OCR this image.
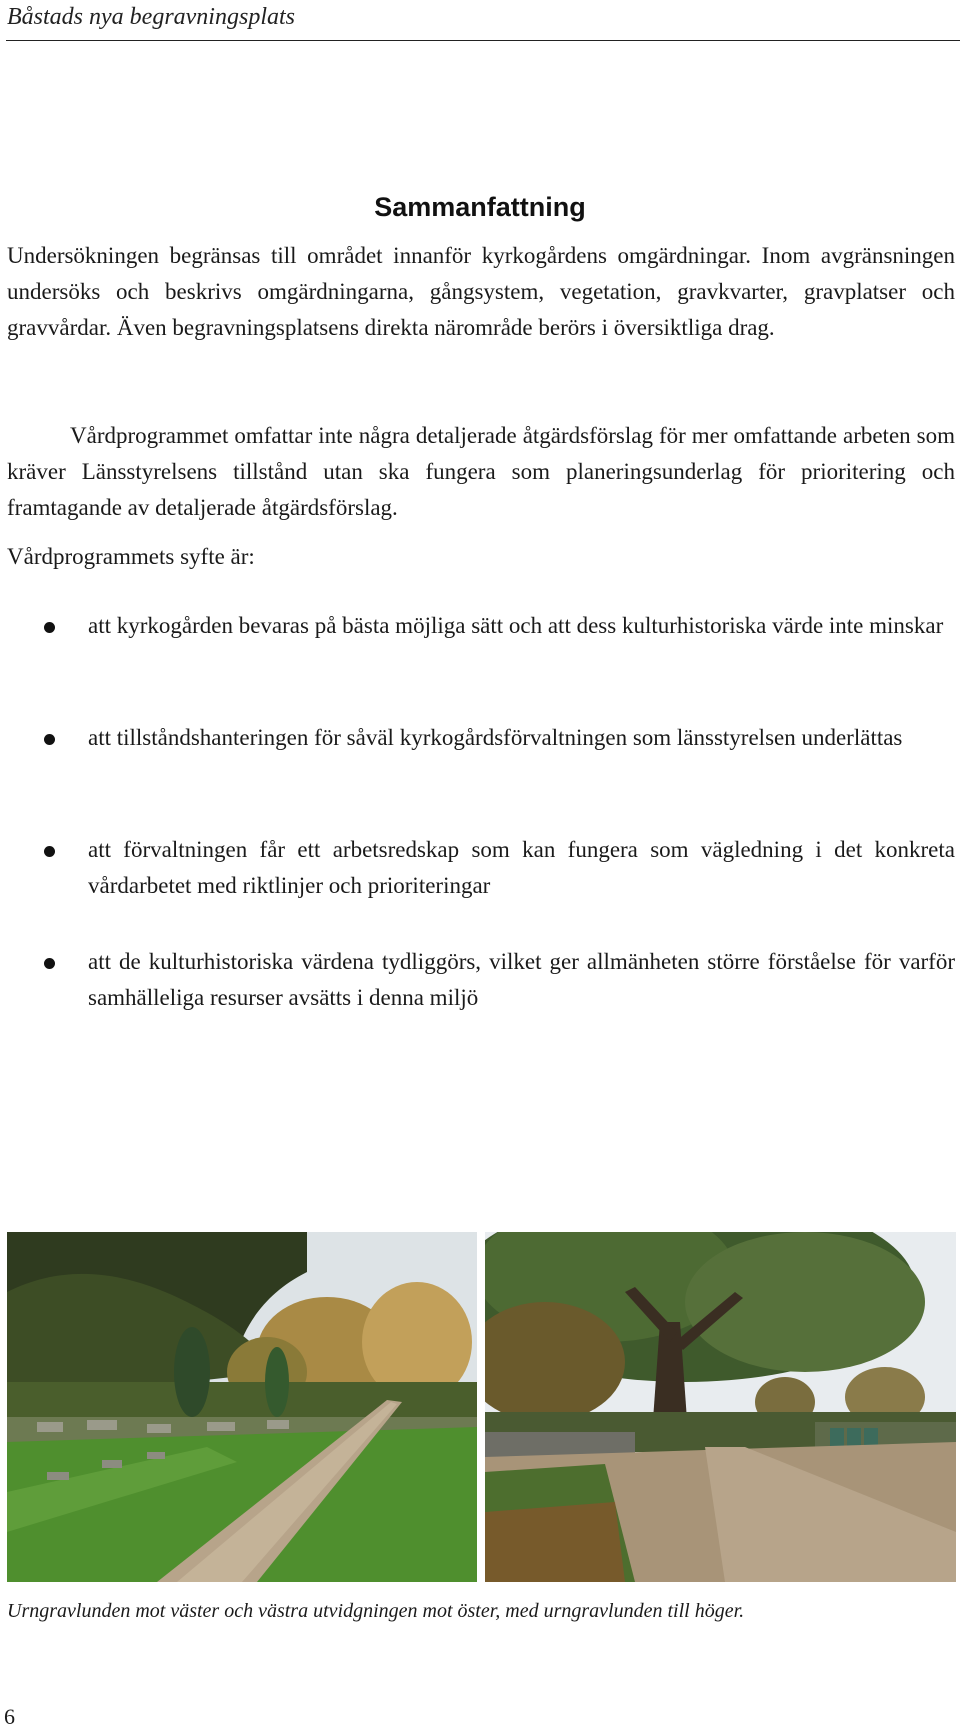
Båstads nya begravningsplats
Sammanfattning

Undersökningen begränsas till området innanför kyrkogårdens omgärdningar. Inom avgränsningen undersöks och beskrivs omgärdningarna, gångsystem, vegetation, gravkvarter, gravplatser och gravvårdar. Även begravningsplatsens direkta närområde berörs i översiktliga drag.

Vårdprogrammet omfattar inte några detaljerade åtgärdsförslag för mer omfattande arbeten som kräver Länsstyrelsens tillstånd utan ska fungera som planeringsunderlag för prioritering och framtagande av detaljerade åtgärdsförslag.

Vårdprogrammets syfte är:

att kyrkogården bevaras på bästa möjliga sätt och att dess kulturhistoriska värde inte minskar
att tillståndshanteringen för såväl kyrkogårdsförvaltningen som länsstyrelsen underlättas
att förvaltningen får ett arbetsredskap som kan fungera som vägledning i det konkreta vårdarbetet med riktlinjer och prioriteringar
att de kulturhistoriska värdena tydliggörs, vilket ger allmänheten större förståelse för varför samhälleliga resurser avsätts i denna miljö
Urngravlunden mot väster och västra utvidgningen mot öster, med urngravlunden till höger.
6
